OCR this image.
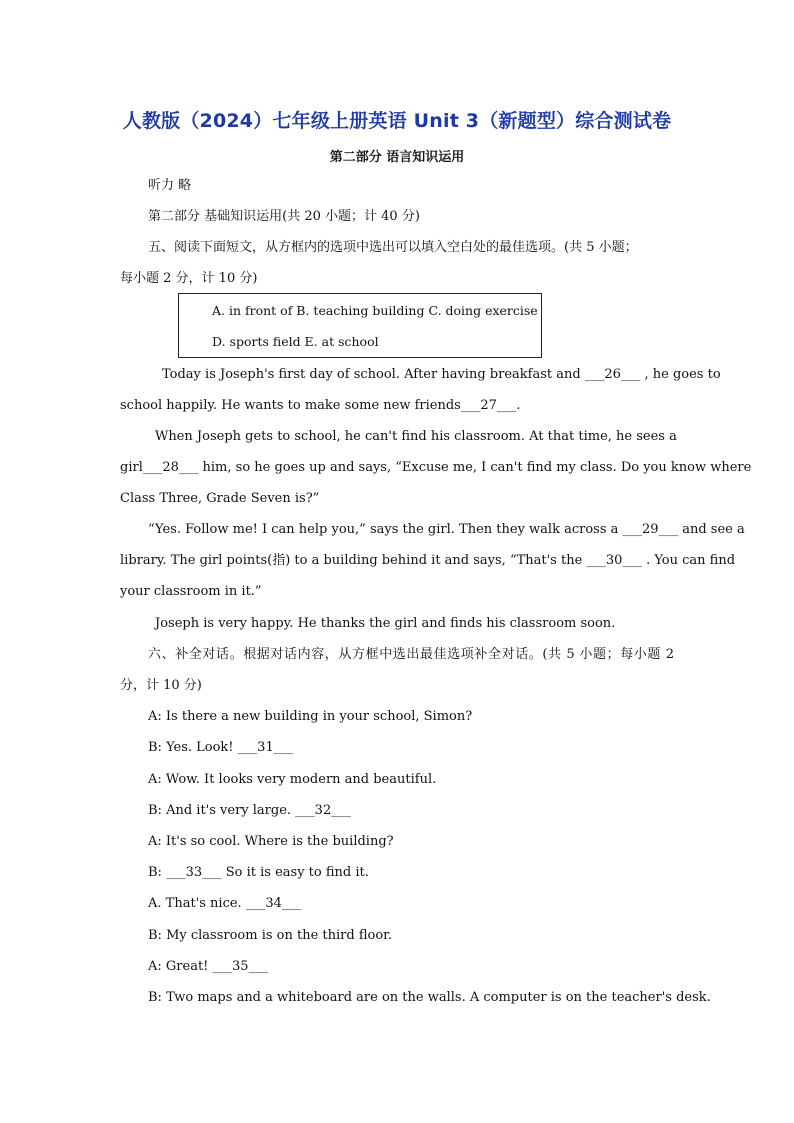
人教版（2024）七年级上册英语 Unit 3（新题型）综合测试卷
第二部分 语言知识运用
听力 略
第二部分 基础知识运用(共 20 小题；计 40 分)
五、阅读下面短文，从方框内的选项中选出可以填入空白处的最佳选项。(共 5 小题；
每小题 2 分，计 10 分)
A. in front of B. teaching building C. doing exercise
D. sports field E. at school
Today is Joseph's first day of school. After having breakfast and ___26___ , he goes to
school happily. He wants to make some new friends___27___.
When Joseph gets to school, he can't find his classroom. At that time, he sees a
girl___28___ him, so he goes up and says, “Excuse me, I can't find my class. Do you know where
Class Three, Grade Seven is?”
“Yes. Follow me! I can help you,” says the girl. Then they walk across a ___29___ and see a
library. The girl points(指) to a building behind it and says, “That's the ___30___ . You can find
your classroom in it.”
Joseph is very happy. He thanks the girl and finds his classroom soon.
六、补全对话。根据对话内容，从方框中选出最佳选项补全对话。(共 5 小题；每小题 2
分，计 10 分)
A: Is there a new building in your school, Simon?
B: Yes. Look! ___31___
A: Wow. It looks very modern and beautiful.
B: And it's very large. ___32___
A: It's so cool. Where is the building?
B: ___33___ So it is easy to find it.
A. That's nice. ___34___
B: My classroom is on the third floor.
A: Great! ___35___
B: Two maps and a whiteboard are on the walls. A computer is on the teacher's desk.
